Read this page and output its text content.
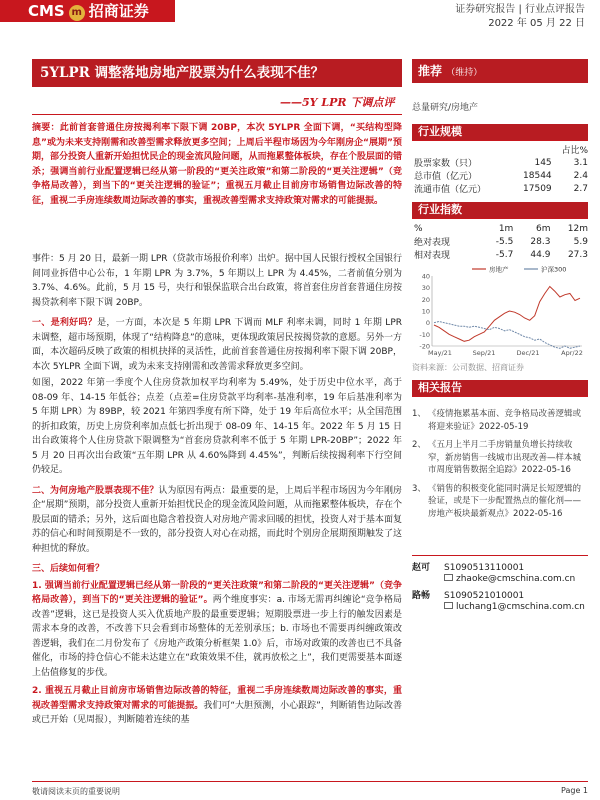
CMS m 招商证券	证券研究报告 | 行业点评报告
2022 年 05 月 22 日
5YLPR 调整落地房地产股票为什么表现不佳？
——5Y LPR 下调点评
摘要：此前首套普通住房按揭利率下限下调 20BP，本次 5YLPR 全面下调，“买结构型降息”或为未来支持刚需和改善型需求释放更多空间；上周后半程市场因为今年刚房企“展期”预期，部分投资人重新开始担忧民企的现金流风险问题，从而拖累整体板块，存在个股层面的错杀；强调当前行业配置逻辑已经从第一阶段的“更关注政策”和第二阶段的“更关注逻辑”（竞争格局改善），到当下的“更关注逻辑的验证”；重视五月截止目前房市场销售边际改善的特征，重视二手房连续数周边际改善的事实，重视改善型需求支持政策对需求的可能提振。

事件：5 月 20 日，最新一期 LPR（贷款市场报价利率）出炉。据中国人民银行授权全国银行间同业拆借中心公布，1 年期 LPR 为 3.7%，5 年期以上 LPR 为 4.45%，二者前值分别为 3.7%、4.6%。此前，5 月 15 号，央行和银保监联合出台政策，将首套住房首套普通住房按揭贷款利率下限下调 20BP。

一、是利好吗？是，一方面，本次是 5 年期 LPR 下调而 MLF 利率未调，同时 1 年期 LPR 未调整，超市场预期，体现了“结构降息”的意味，更体现政策居民按揭贷款的意愿。另外一方面，本次超码反映了政策的相机抉择的灵活性，此前首套普通住房按揭利率下限下调 20BP，本次 5YLPR 全面下调，或为未来支持刚需和改善需求释放更多空间。

如图，2022 年第一季度个人住房贷款加权平均利率为 5.49%，处于历史中位水平，高于 08-09 年、14-15 年低谷；点差（点差=住房贷款平均利率-基准利率，19 年后基准利率为 5 年期 LPR）为 89BP，较 2021 年第四季度有所下降，处于 19 年后高位水平；从全国范围的折扣政策，历史上房贷利率加点低七折出现于 08-09 年、14-15 年。2022 年 5 月 15 日出台政策将个人住房贷款下限调整为“首套房贷款利率不低于 5 年期 LPR-20BP”；2022 年 5 月 20 日再次出台政策“五年期 LPR 从 4.60%降到 4.45%”，判断后续按揭利率下行空间仍较足。

二、为何房地产股票表现不佳？认为原因有两点：最重要的是，上周后半程市场因为今年刚房企“展期”预期，部分投资人重新开始担忧民企的现金流风险问题，从而拖累整体板块，存在个股层面的错杀；另外，这后面也隐含着投资人对房地产需求回暖的担忧，投资人对于基本面复苏的信心和时间预期是不一致的，部分投资人对心在动摇，而此时个别房企展期预期触发了这种担忧的释放。

三、后续如何看？

1. 强调当前行业配置逻辑已经从第一阶段的“更关注政策”和第二阶段的“更关注逻辑”（竞争格局改善），到当下的“更关注逻辑的验证”。两个维度事实：a. 市场无需再纠缠论“竞争格局改善”逻辑，这已是投资人买入优质地产股的最重要逻辑；短期股票进一步上行的触发因素是需求本身的改善，不改善下只会看到市场整体的无差别承压；b. 市场也不需要再纠缠政策改善逻辑，我们在二月份发布了《房地产政策分析框架 1.0》后，市场对政策的改善也已不具备催化，市场的持仓信心不能未达建立在“政策效果不佳，就再放松之上”，我们更需要基本面逐上估值修复的步伐。

2. 重视五月截止目前房市场销售边际改善的特征，重视二手房连续数周边际改善的事实，重视改善型需求支持政策对需求的可能提振。我们可“大胆预测，小心跟踪”，判断销售边际改善或已开始（见周报），判断随着连续的基

推荐 （维持）
总量研究/房地产
行业规模
		占比%
股票家数（只）	145	3.1
总市值（亿元）	18544	2.4
流通市值（亿元）	17509	2.7
行业指数
%	1m	6m	12m
绝对表现	-5.5	28.3	5.9
相对表现	-5.7	44.9	27.3
-20
-10
0
10
20
30
40
May/21	Sep/21	Dec/21	Apr/22
房地产	沪深300
资料来源：公司数据、招商证券
相关报告
1、 《疫情拖累基本面、竞争格局改善逻辑或将迎来验证》2022-05-19
2、 《五月上半月二手房销量负增长持续收窄，新房销售一线城市出现改善—样本城市周度销售数据全追踪》2022-05-16
3、 《销售的积极变化能同时满足长短逻辑的验证，或是下一步配置热点的催化剂——房地产板块最新观点》2022-05-16
赵可 S1090513110001
zhaoke@cmschina.com.cn
路畅 S1090521010001
luchang1@cmschina.com.cn
敬请阅读末页的重要说明	Page 1
